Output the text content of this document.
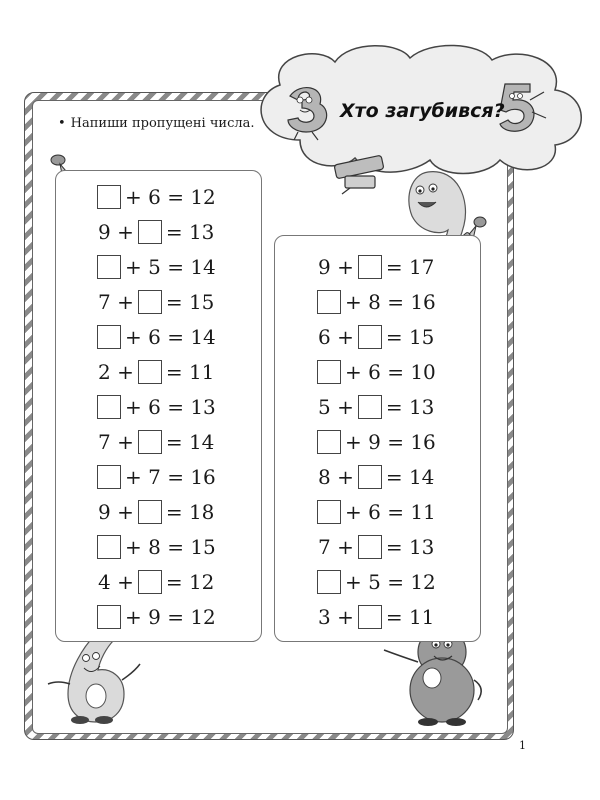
• Напиши пропущені числа.
Хто загубився?
+ 6 = 12
9 + = 13
+ 5 = 14
7 + = 15
+ 6 = 14
2 + = 11
+ 6 = 13
7 + = 14
+ 7 = 16
9 + = 18
+ 8 = 15
4 + = 12
+ 9 = 12
9 + = 17
+ 8 = 16
6 + = 15
+ 6 = 10
5 + = 13
+ 9 = 16
8 + = 14
+ 6 = 11
7 + = 13
+ 5 = 12
3 + = 11
1
